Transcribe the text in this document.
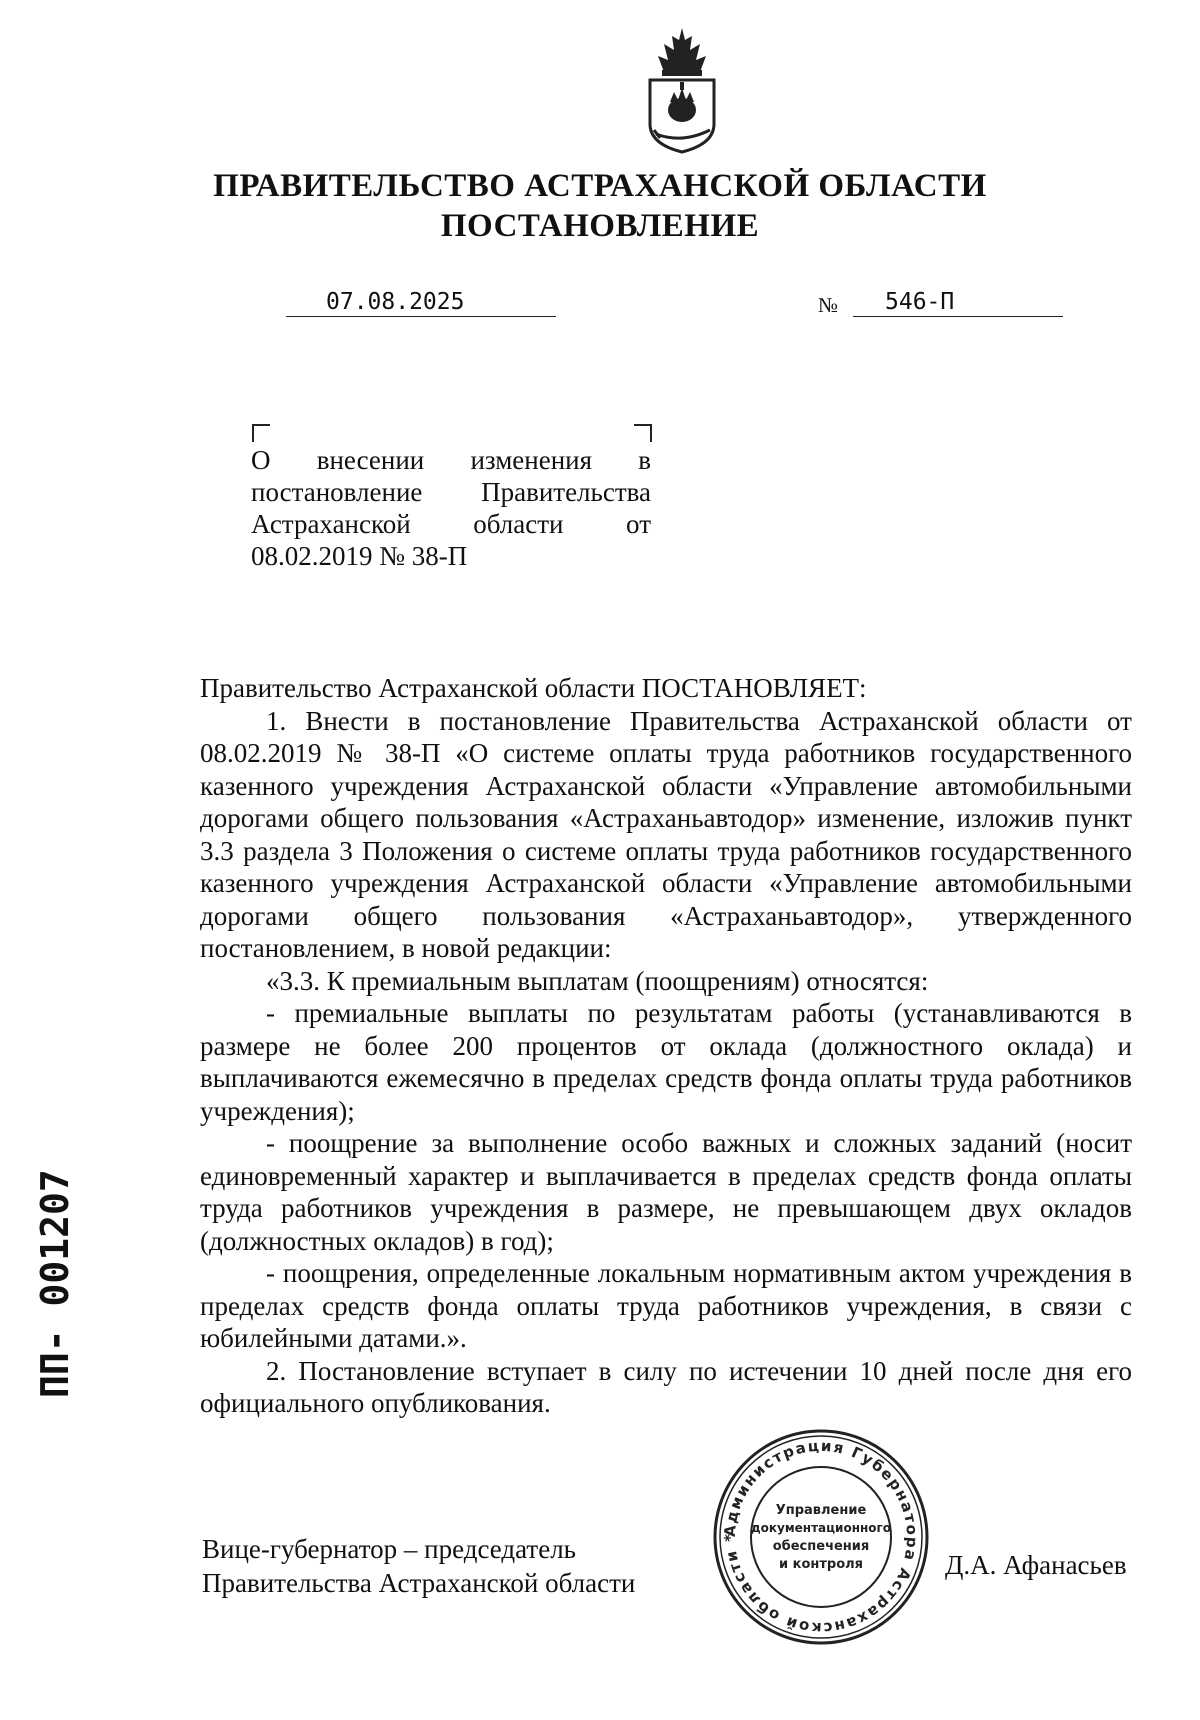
ПРАВИТЕЛЬСТВО АСТРАХАНСКОЙ ОБЛАСТИ
ПОСТАНОВЛЕНИЕ
07.08.2025	№	546-П
О внесении изменения в постановление Правительства Астраханской области от 08.02.2019 № 38-П

Правительство Астраханской области ПОСТАНОВЛЯЕТ:

1. Внести в постановление Правительства Астраханской области от 08.02.2019 № 38-П «О системе оплаты труда работников государственного казенного учреждения Астраханской области «Управление автомобильными дорогами общего пользования «Астраханьавтодор» изменение, изложив пункт 3.3 раздела 3 Положения о системе оплаты труда работников государственного казенного учреждения Астраханской области «Управление автомобильными дорогами общего пользования «Астраханьавтодор», утвержденного постановлением, в новой редакции:

«3.3. К премиальным выплатам (поощрениям) относятся:

- премиальные выплаты по результатам работы (устанавливаются в размере не более 200 процентов от оклада (должностного оклада) и выплачиваются ежемесячно в пределах средств фонда оплаты труда работников учреждения);

- поощрение за выполнение особо важных и сложных заданий (носит единовременный характер и выплачивается в пределах средств фонда оплаты труда работников учреждения в размере, не превышающем двух окладов (должностных окладов) в год);

- поощрения, определенные локальным нормативным актом учреждения в пределах средств фонда оплаты труда работников учреждения, в связи с юбилейными датами.».

2. Постановление вступает в силу по истечении 10 дней после дня его официального опубликования.

Администрация Губернатора Астраханской области *
Управление
документационного
обеспечения
и контроля
Вице-губернатор – председатель
Правительства Астраханской области
Д.А. Афанасьев
ПП- 001207
